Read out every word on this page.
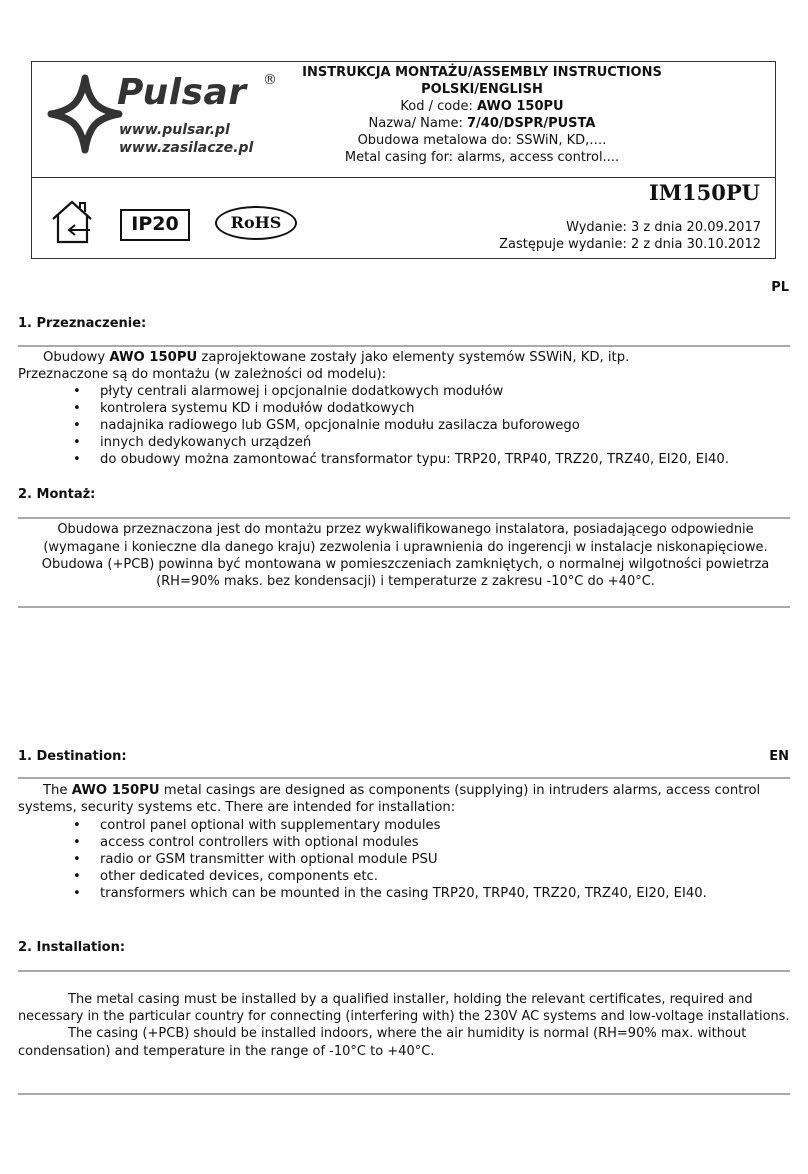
Pulsar ®
www.pulsar.pl
www.zasilacze.pl
INSTRUKCJA MONTAŻU/ASSEMBLY INSTRUCTIONS
POLSKI/ENGLISH
Kod / code: AWO 150PU
Nazwa/ Name: 7/40/DSPR/PUSTA
Obudowa metalowa do: SSWiN, KD,….
Metal casing for: alarms, access control....
IM150PU
Wydanie: 3 z dnia 20.09.2017
Zastępuje wydanie: 2 z dnia 30.10.2012
IP20	RoHS
PL
1. Przeznaczenie:
Obudowy AWO 150PU zaprojektowane zostały jako elementy systemów SSWiN, KD, itp.
Przeznaczone są do montażu (w zależności od modelu):
• płyty centrali alarmowej i opcjonalnie dodatkowych modułów
• kontrolera systemu KD i modułów dodatkowych
• nadajnika radiowego lub GSM, opcjonalnie modułu zasilacza buforowego
• innych dedykowanych urządzeń
• do obudowy można zamontować transformator typu: TRP20, TRP40, TRZ20, TRZ40, EI20, EI40.
2. Montaż:
Obudowa przeznaczona jest do montażu przez wykwalifikowanego instalatora, posiadającego odpowiednie
(wymagane i konieczne dla danego kraju) zezwolenia i uprawnienia do ingerencji w instalacje niskonapięciowe.
Obudowa (+PCB) powinna być montowana w pomieszczeniach zamkniętych, o normalnej wilgotności powietrza
(RH=90% maks. bez kondensacji) i temperaturze z zakresu -10°C do +40°C.
1. Destination:	EN
The AWO 150PU metal casings are designed as components (supplying) in intruders alarms, access control
systems, security systems etc. There are intended for installation:
• control panel optional with supplementary modules
• access control controllers with optional modules
• radio or GSM transmitter with optional module PSU
• other dedicated devices, components etc.
• transformers which can be mounted in the casing TRP20, TRP40, TRZ20, TRZ40, EI20, EI40.
2. Installation:
The metal casing must be installed by a qualified installer, holding the relevant certificates, required and
necessary in the particular country for connecting (interfering with) the 230V AC systems and low-voltage installations.
The casing (+PCB) should be installed indoors, where the air humidity is normal (RH=90% max. without
condensation) and temperature in the range of -10°C to +40°C.
